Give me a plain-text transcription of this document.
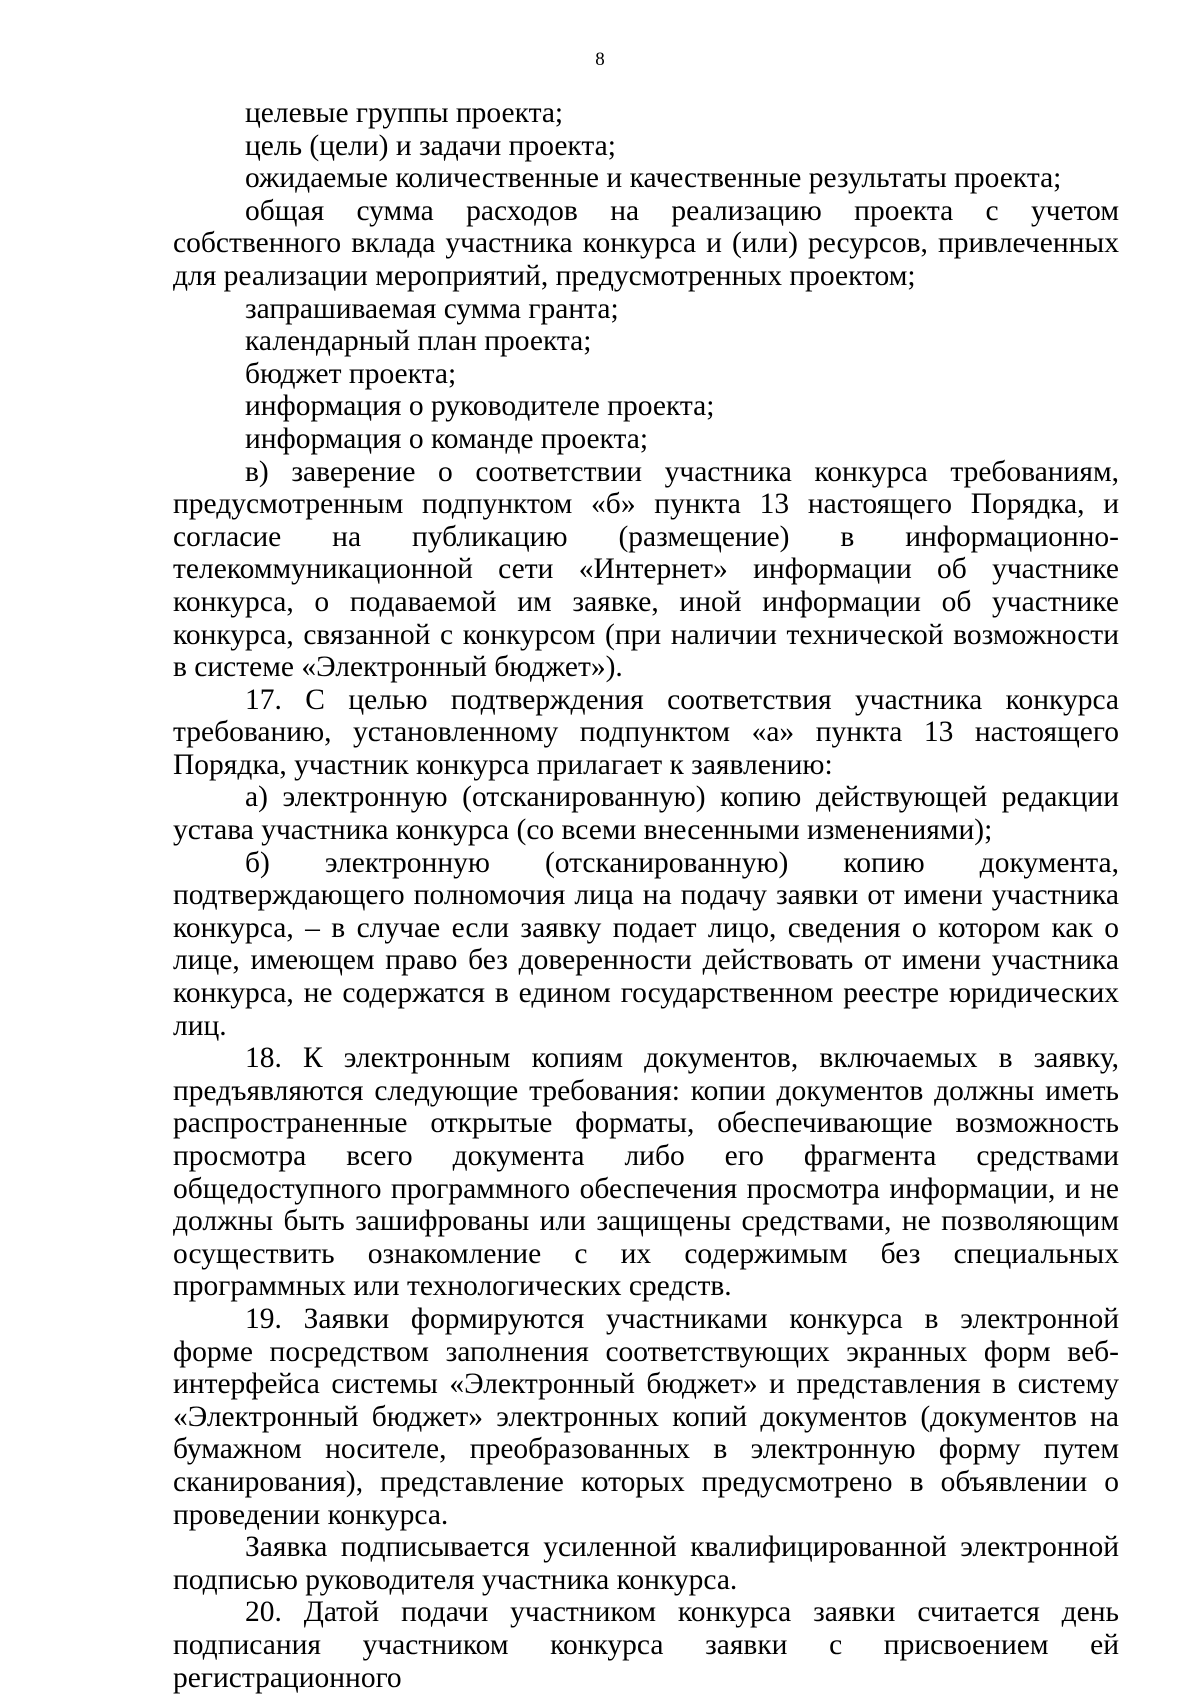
8

целевые группы проекта;

цель (цели) и задачи проекта;

ожидаемые количественные и качественные результаты проекта;

общая сумма расходов на реализацию проекта с учетом собственного вклада участника конкурса и (или) ресурсов, привлеченных для реализации мероприятий, предусмотренных проектом;

запрашиваемая сумма гранта;

календарный план проекта;

бюджет проекта;

информация о руководителе проекта;

информация о команде проекта;

в) заверение о соответствии участника конкурса требованиям, предусмотренным подпунктом «б» пункта 13 настоящего Порядка, и согласие на публикацию (размещение) в информационно-телекоммуникационной сети «Интернет» информации об участнике конкурса, о подаваемой им заявке, иной информации об участнике конкурса, связанной с конкурсом (при наличии технической возможности в системе «Электронный бюджет»).

17. С целью подтверждения соответствия участника конкурса требованию, установленному подпунктом «а» пункта 13 настоящего Порядка, участник конкурса прилагает к заявлению:

а) электронную (отсканированную) копию действующей редакции устава участника конкурса (со всеми внесенными изменениями);

б) электронную (отсканированную) копию документа, подтверждающего полномочия лица на подачу заявки от имени участника конкурса, – в случае если заявку подает лицо, сведения о котором как о лице, имеющем право без доверенности действовать от имени участника конкурса, не содержатся в едином государственном реестре юридических лиц.

18. К электронным копиям документов, включаемых в заявку, предъявляются следующие требования: копии документов должны иметь распространенные открытые форматы, обеспечивающие возможность просмотра всего документа либо его фрагмента средствами общедоступного программного обеспечения просмотра информации, и не должны быть зашифрованы или защищены средствами, не позволяющим осуществить ознакомление с их содержимым без специальных программных или технологических средств.

19. Заявки формируются участниками конкурса в электронной форме посредством заполнения соответствующих экранных форм веб-интерфейса системы «Электронный бюджет» и представления в систему «Электронный бюджет» электронных копий документов (документов на бумажном носителе, преобразованных в электронную форму путем сканирования), представление которых предусмотрено в объявлении о проведении конкурса.

Заявка подписывается усиленной квалифицированной электронной подписью руководителя участника конкурса.

20. Датой подачи участником конкурса заявки считается день подписания участником конкурса заявки с присвоением ей регистрационного
